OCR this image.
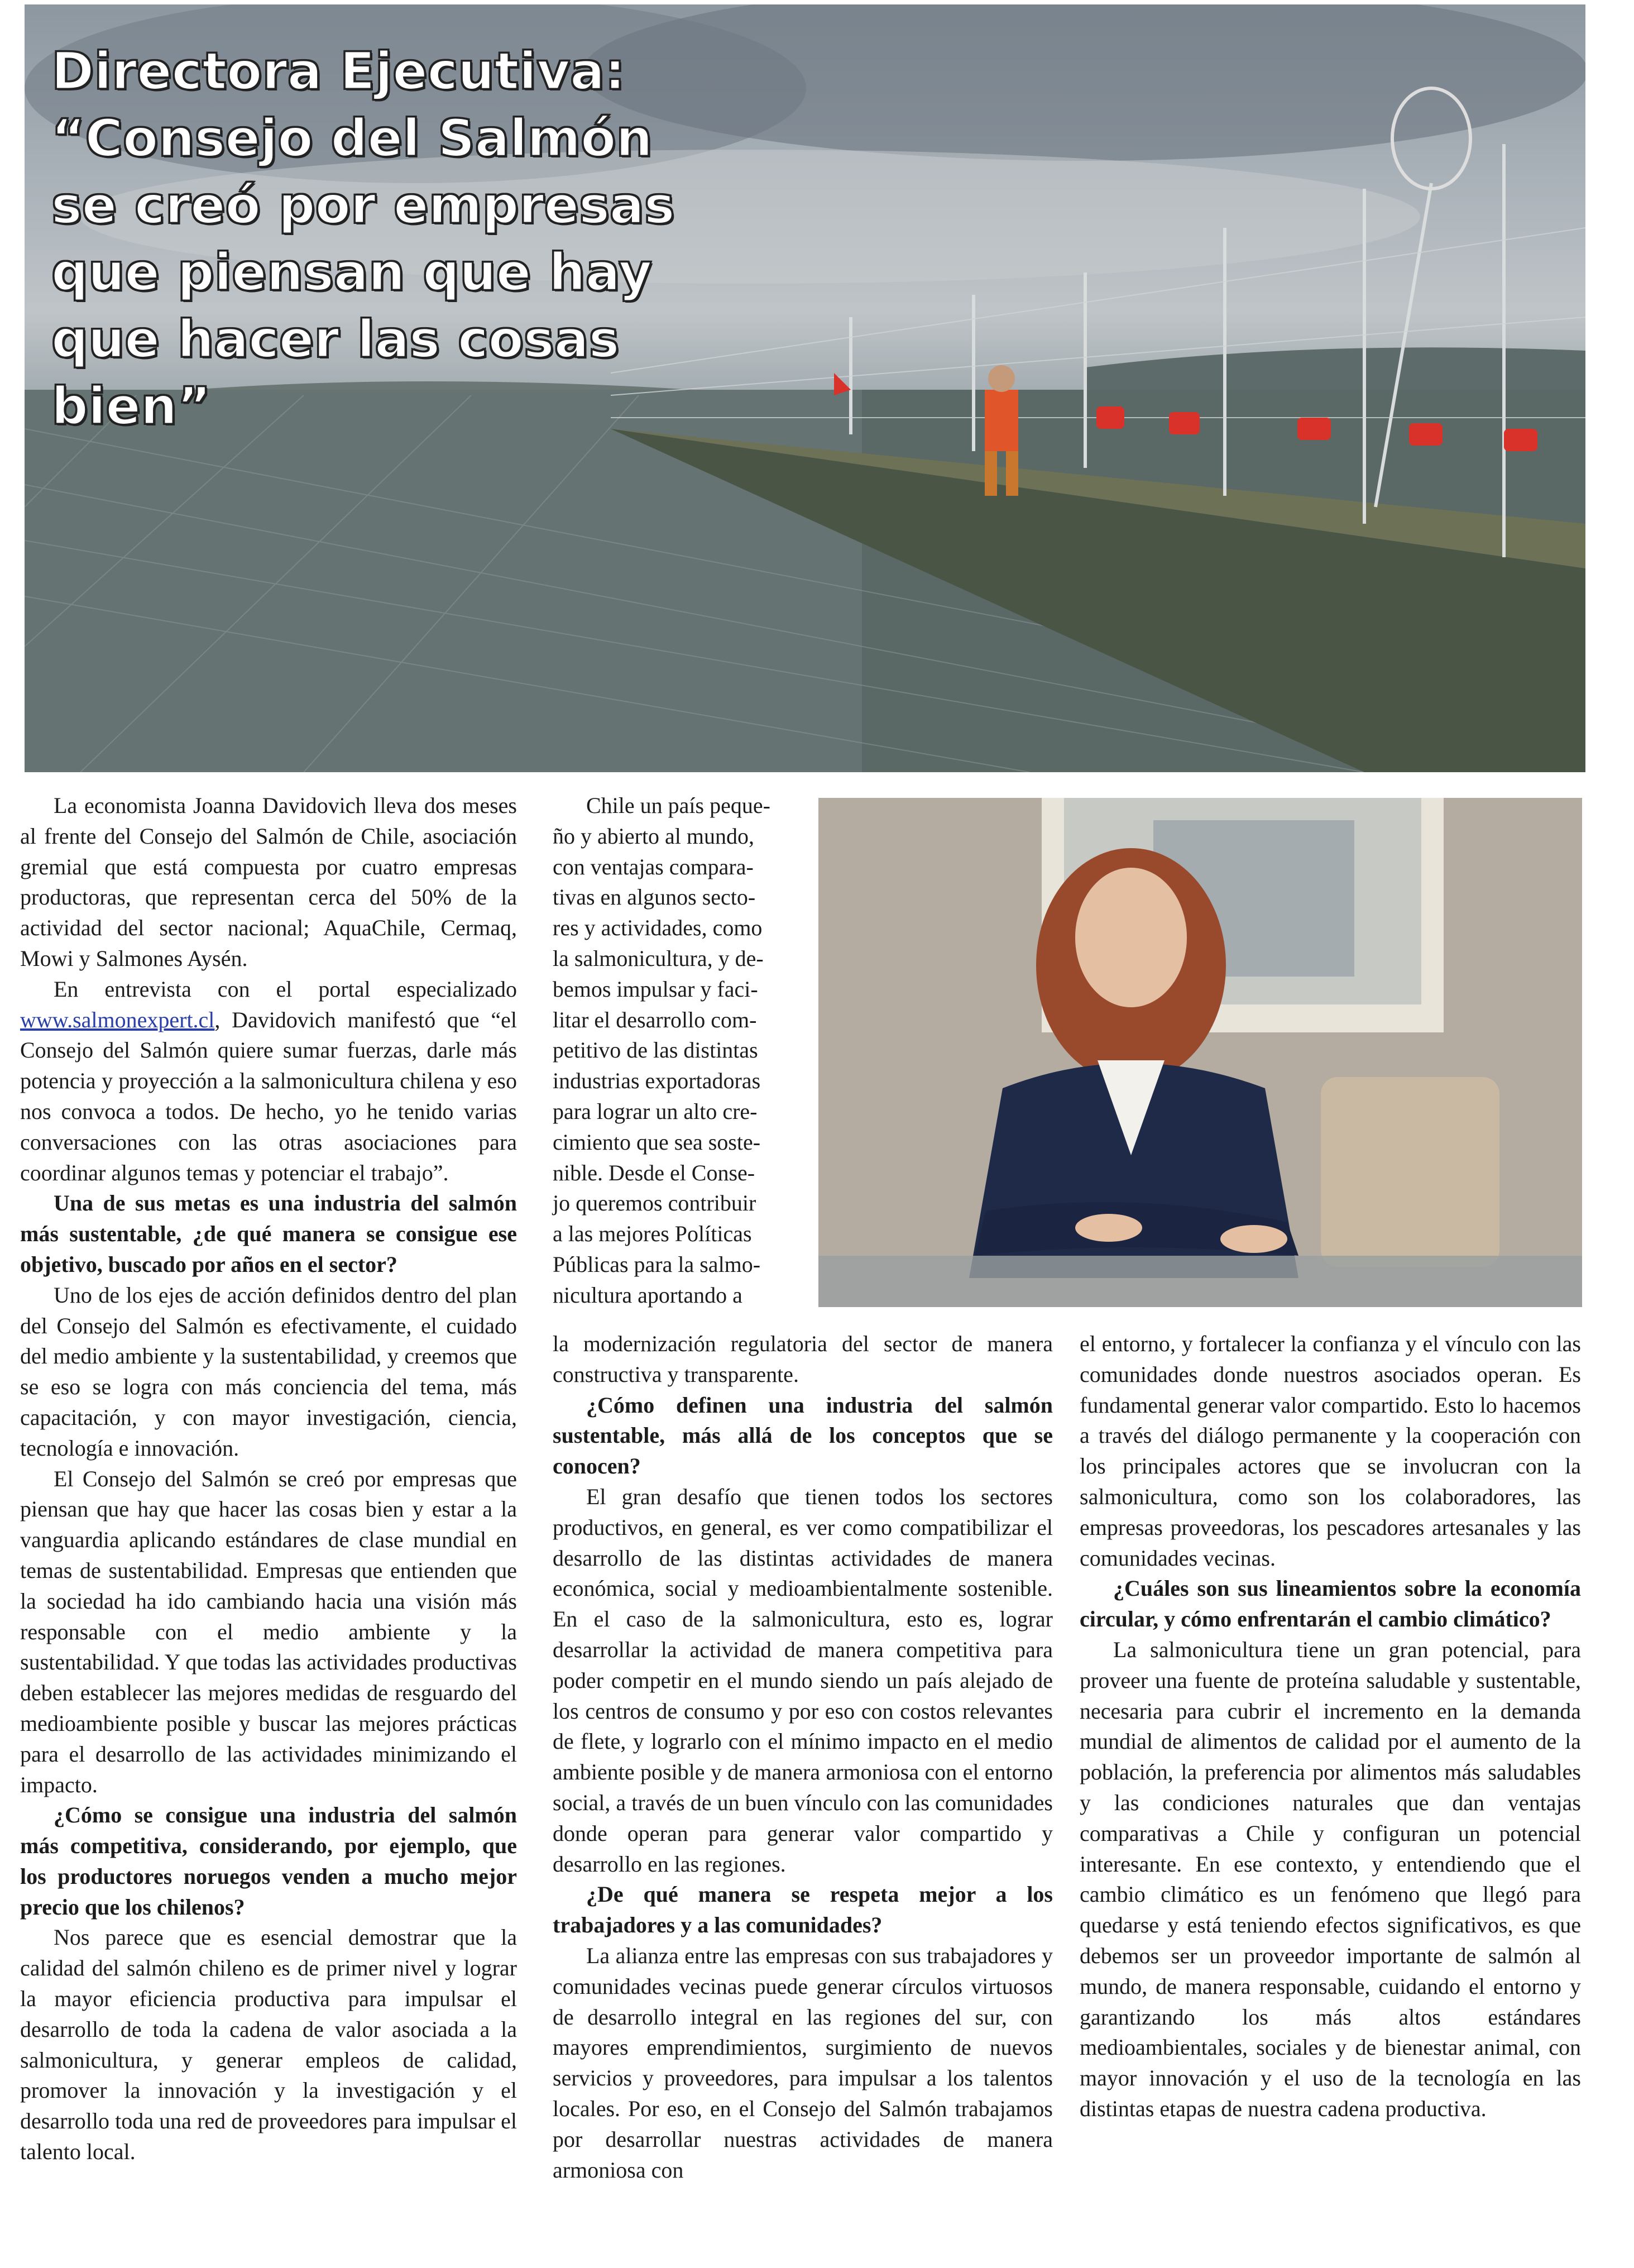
Directora Ejecutiva:
“Consejo del Salmón
se creó por empresas
que piensan que hay
que hacer las cosas
bien”

La economista Joanna Davidovich lleva dos meses al frente del Consejo del Salmón de Chile, asociación gremial que está compuesta por cuatro empresas productoras, que representan cerca del 50% de la actividad del sector nacional; AquaChile, Cermaq, Mowi y Salmones Aysén.

En entrevista con el portal especializado www.salmonexpert.cl, Davidovich manifestó que “el Consejo del Salmón quiere sumar fuerzas, darle más potencia y proyección a la salmonicultura chilena y eso nos convoca a todos. De hecho, yo he tenido varias conversaciones con las otras asociaciones para coordinar algunos temas y potenciar el trabajo”.

Una de sus metas es una industria del salmón más sustentable, ¿de qué manera se consigue ese objetivo, buscado por años en el sector?

Uno de los ejes de acción definidos dentro del plan del Consejo del Salmón es efectivamente, el cuidado del medio ambiente y la sustentabilidad, y creemos que se eso se logra con más conciencia del tema, más capacitación, y con mayor investigación, ciencia, tecnología e innovación.

El Consejo del Salmón se creó por empresas que piensan que hay que hacer las cosas bien y estar a la vanguardia aplicando estándares de clase mundial en temas de sustentabilidad. Empresas que entienden que la sociedad ha ido cambiando hacia una visión más responsable con el medio ambiente y la sustentabilidad. Y que todas las actividades productivas deben establecer las mejores medidas de resguardo del medioambiente posible y buscar las mejores prácticas para el desarrollo de las actividades minimizando el impacto.

¿Cómo se consigue una industria del salmón más competitiva, considerando, por ejemplo, que los productores noruegos venden a mucho mejor precio que los chilenos?

Nos parece que es esencial demostrar que la calidad del salmón chileno es de primer nivel y lograr la mayor eficiencia productiva para impulsar el desarrollo de toda la cadena de valor asociada a la salmonicultura, y generar empleos de calidad, promover la innovación y la investigación y el desarrollo toda una red de proveedores para impulsar el talento local.

Chile un país peque-
ño y abierto al mundo,
con ventajas compara-
tivas en algunos secto-
res y actividades, como
la salmonicultura, y de-
bemos impulsar y faci-
litar el desarrollo com-
petitivo de las distintas
industrias exportadoras
para lograr un alto cre-
cimiento que sea soste-
nible. Desde el Conse-
jo queremos contribuir
a las mejores Políticas
Públicas para la salmo-
nicultura aportando a

la modernización regulatoria del sector de manera constructiva y transparente.

¿Cómo definen una industria del salmón sustentable, más allá de los conceptos que se conocen?

El gran desafío que tienen todos los sectores productivos, en general, es ver como compatibilizar el desarrollo de las distintas actividades de manera económica, social y medioambientalmente sostenible. En el caso de la salmonicultura, esto es, lograr desarrollar la actividad de manera competitiva para poder competir en el mundo siendo un país alejado de los centros de consumo y por eso con costos relevantes de flete, y lograrlo con el mínimo impacto en el medio ambiente posible y de manera armoniosa con el entorno social, a través de un buen vínculo con las comunidades donde operan para generar valor compartido y desarrollo en las regiones.

¿De qué manera se respeta mejor a los trabajadores y a las comunidades?

La alianza entre las empresas con sus trabajadores y comunidades vecinas puede generar círculos virtuosos de desarrollo integral en las regiones del sur, con mayores emprendimientos, surgimiento de nuevos servicios y proveedores, para impulsar a los talentos locales. Por eso, en el Consejo del Salmón trabajamos por desarrollar nuestras actividades de manera armoniosa con

el entorno, y fortalecer la confianza y el vínculo con las comunidades donde nuestros asociados operan. Es fundamental generar valor compartido. Esto lo hacemos a través del diálogo permanente y la cooperación con los principales actores que se involucran con la salmonicultura, como son los colaboradores, las empresas proveedoras, los pescadores artesanales y las comunidades vecinas.

¿Cuáles son sus lineamientos sobre la economía circular, y cómo enfrentarán el cambio climático?

La salmonicultura tiene un gran potencial, para proveer una fuente de proteína saludable y sustentable, necesaria para cubrir el incremento en la demanda mundial de alimentos de calidad por el aumento de la población, la preferencia por alimentos más saludables y las condiciones naturales que dan ventajas comparativas a Chile y configuran un potencial interesante. En ese contexto, y entendiendo que el cambio climático es un fenómeno que llegó para quedarse y está teniendo efectos significativos, es que debemos ser un proveedor importante de salmón al mundo, de manera responsable, cuidando el entorno y garantizando los más altos estándares medioambientales, sociales y de bienestar animal, con mayor innovación y el uso de la tecnología en las distintas etapas de nuestra cadena productiva.
